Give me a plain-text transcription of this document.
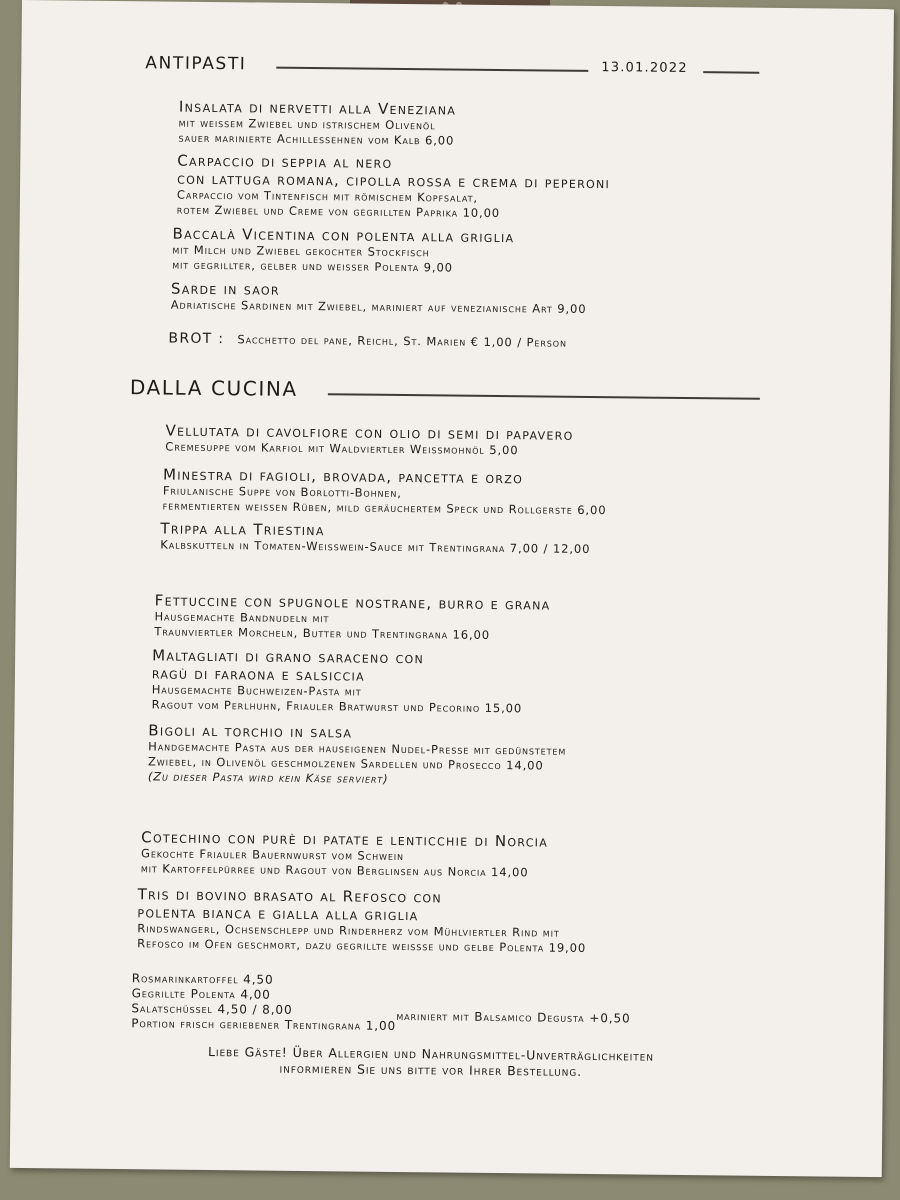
ANTIPASTI	13.01.2022
Insalata di nervetti alla Veneziana
mit weissem Zwiebel und istrischem Olivenöl
sauer marinierte Achillessehnen vom Kalb 6,00
Carpaccio di seppia al nero
con lattuga romana, cipolla rossa e crema di peperoni
Carpaccio vom Tintenfisch mit römischem Kopfsalat,
rotem Zwiebel und Creme von gegrillten Paprika 10,00
Baccalà Vicentina con polenta alla griglia
mit Milch und Zwiebel gekochter Stockfisch
mit gegrillter, gelber und weisser Polenta 9,00
Sarde in saor
Adriatische Sardinen mit Zwiebel, mariniert auf venezianische Art 9,00
BROT : Sacchetto del pane, Reichl, St. Marien € 1,00 / Person
DALLA CUCINA
Vellutata di cavolfiore con olio di semi di papavero
Cremesuppe vom Karfiol mit Waldviertler Weissmohnöl 5,00
Minestra di fagioli, brovada, pancetta e orzo
Friulanische Suppe von Borlotti-Bohnen,
fermentierten weissen Rüben, mild geräuchertem Speck und Rollgerste 6,00
Trippa alla Triestina
Kalbskutteln in Tomaten-Weisswein-Sauce mit Trentingrana 7,00 / 12,00
Fettuccine con spugnole nostrane, burro e grana
Hausgemachte Bandnudeln mit
Traunviertler Morcheln, Butter und Trentingrana 16,00
Maltagliati di grano saraceno con
ragù di faraona e salsiccia
Hausgemachte Buchweizen-Pasta mit
Ragout vom Perlhuhn, Friauler Bratwurst und Pecorino 15,00
Bigoli al torchio in salsa
Handgemachte Pasta aus der hauseigenen Nudel-Presse mit gedünstetem
Zwiebel, in Olivenöl geschmolzenen Sardellen und Prosecco 14,00
(Zu dieser Pasta wird kein Käse serviert)
Cotechino con purè di patate e lenticchie di Norcia
Gekochte Friauler Bauernwurst vom Schwein
mit Kartoffelpürree und Ragout von Berglinsen aus Norcia 14,00
Tris di bovino brasato al Refosco con
polenta bianca e gialla alla griglia
Rindswangerl, Ochsenschlepp und Rinderherz vom Mühlviertler Rind mit
Refosco im Ofen geschmort, dazu gegrillte weissse und gelbe Polenta 19,00
Rosmarinkartoffel 4,50
Gegrillte Polenta 4,00
Salatschüssel 4,50 / 8,00
Portion frisch geriebener Trentingrana 1,00 mariniert mit Balsamico Degusta +0,50
Liebe Gäste! Über Allergien und Nahrungsmittel-Unverträglichkeiten
informieren Sie uns bitte vor Ihrer Bestellung.
